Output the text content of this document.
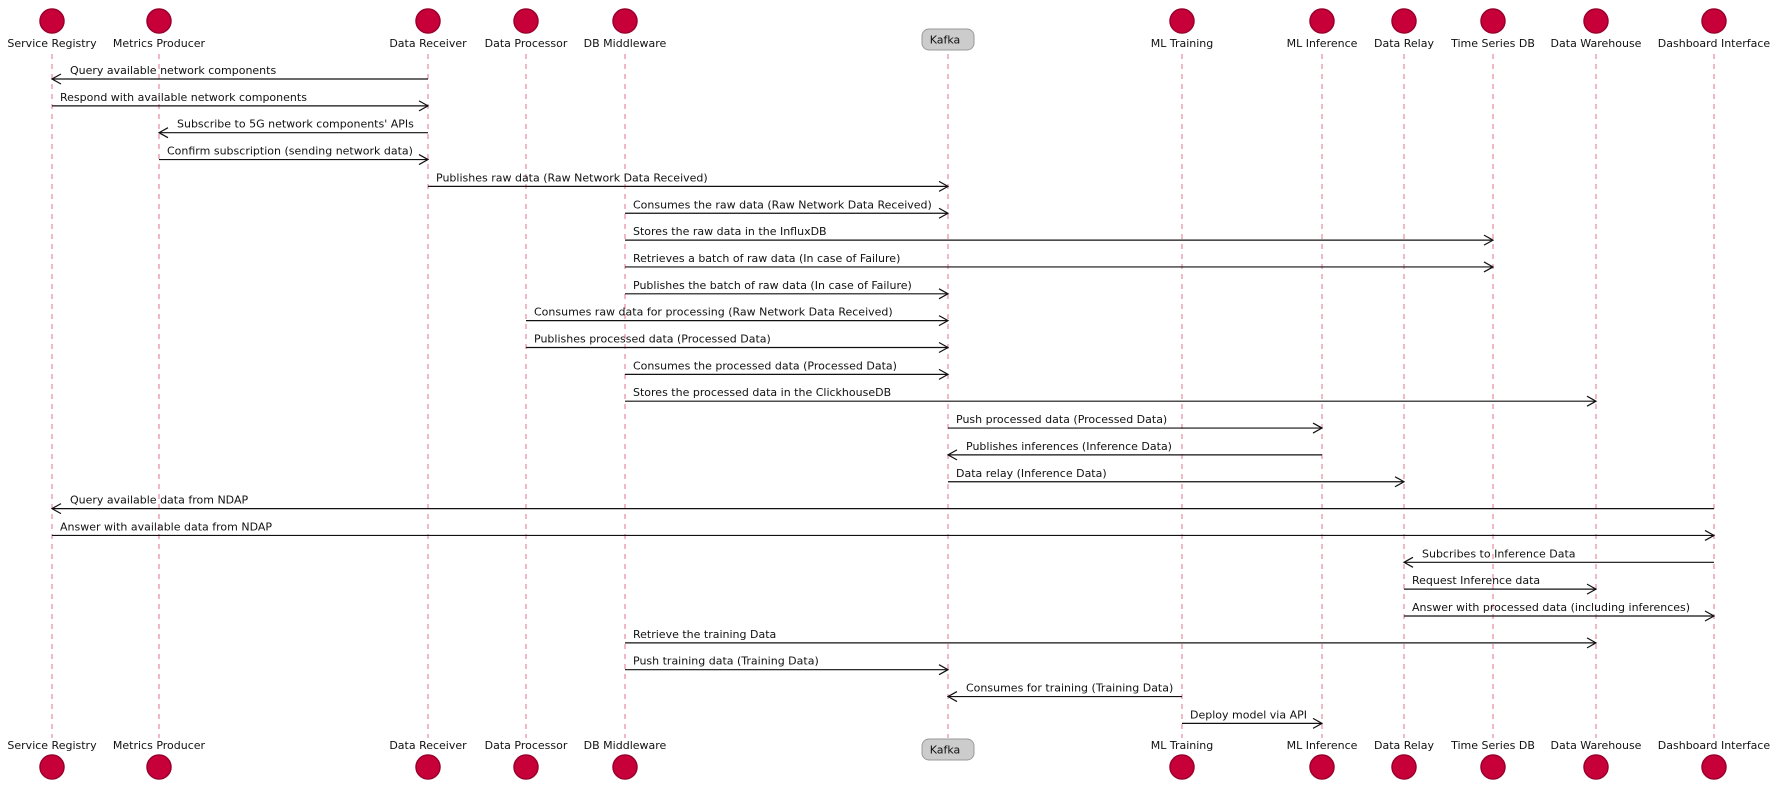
Query available network components
Respond with available network components
Subscribe to 5G network components' APIs
Confirm subscription (sending network data)
Publishes raw data (Raw Network Data Received)
Consumes the raw data (Raw Network Data Received)
Stores the raw data in the InfluxDB
Retrieves a batch of raw data (In case of Failure)
Publishes the batch of raw data (In case of Failure)
Consumes raw data for processing (Raw Network Data Received)
Publishes processed data (Processed Data)
Consumes the processed data (Processed Data)
Stores the processed data in the ClickhouseDB
Push processed data (Processed Data)
Publishes inferences (Inference Data)
Data relay (Inference Data)
Query available data from NDAP
Answer with available data from NDAP
Subcribes to Inference Data
Request Inference data
Answer with processed data (including inferences)
Retrieve the training Data
Push training data (Training Data)
Consumes for training (Training Data)
Deploy model via API
Service Registry Metrics Producer	Data Receiver Data Processor DB Middleware	Kafka	ML Training	ML Inference Data Relay Time Series DB Data Warehouse Dashboard Interface
Service Registry Metrics Producer	Data Receiver Data Processor DB Middleware	Kafka	ML Training	ML Inference Data Relay Time Series DB Data Warehouse Dashboard Interface
